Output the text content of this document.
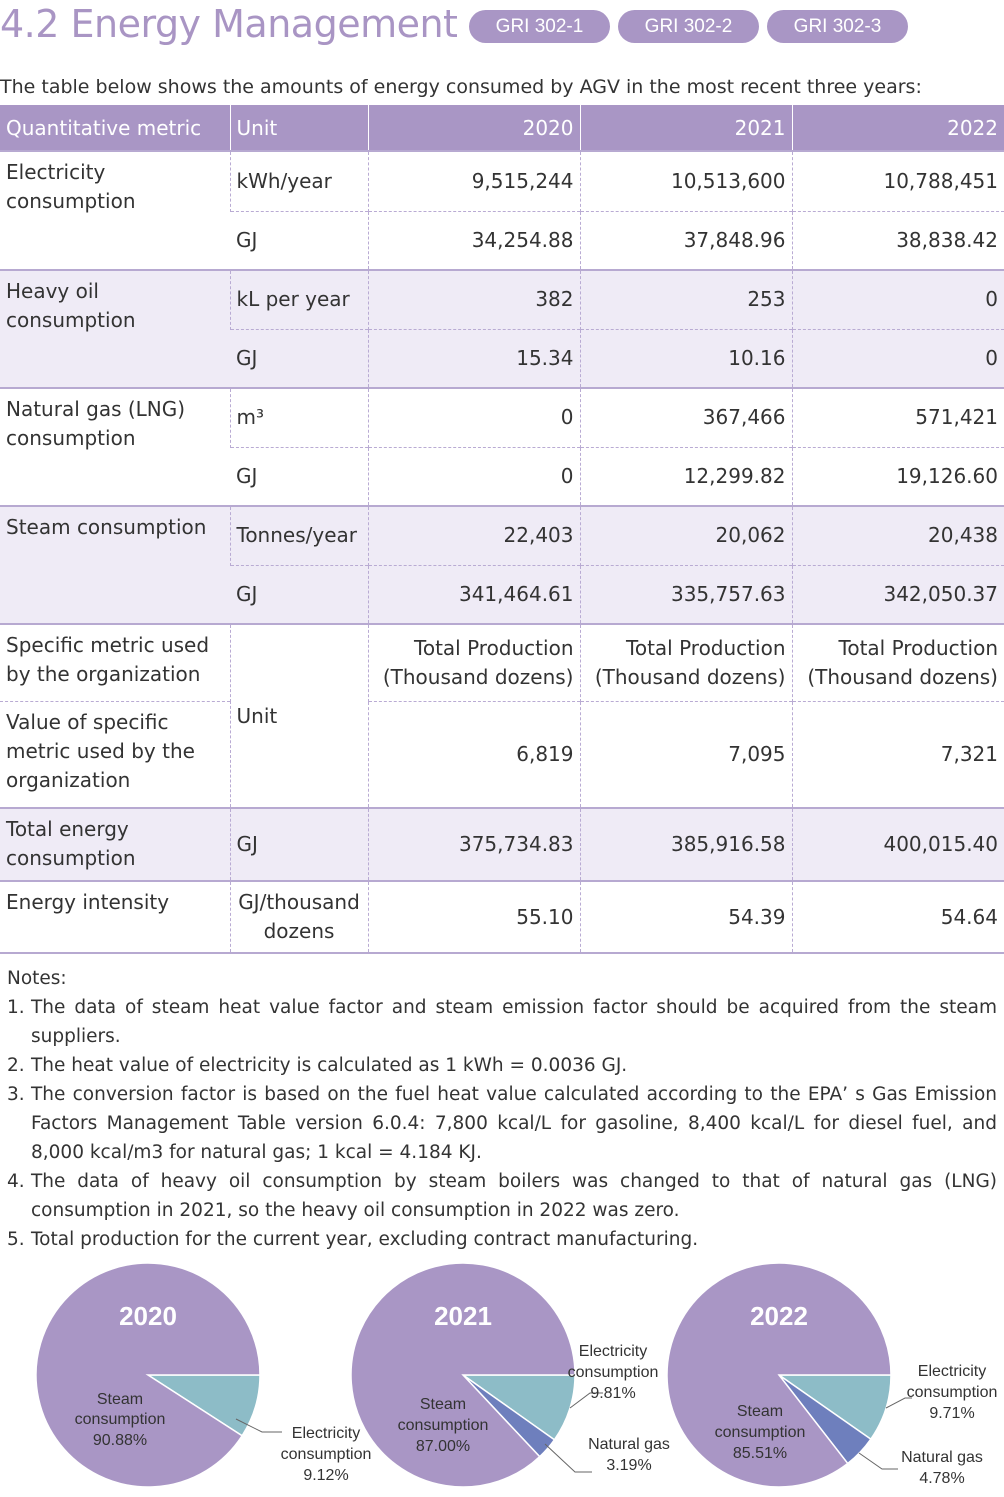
4.2 Energy Management	GRI 302-1	GRI 302-2	GRI 302-3
The table below shows the amounts of energy consumed by AGV in the most recent three years:
Quantitative metric	Unit	2020	2021	2022
Electricity consumption	kWh/year	9,515,244	10,513,600	10,788,451
	GJ	34,254.88	37,848.96	38,838.42
Heavy oil consumption	kL per year	382	253	0
	GJ	15.34	10.16	0
Natural gas (LNG) consumption	m³	0	367,466	571,421
	GJ	0	12,299.82	19,126.60
Steam consumption	Tonnes/year	22,403	20,062	20,438
	GJ	341,464.61	335,757.63	342,050.37
Specific metric used by the organization	Unit	Total Production (Thousand dozens)	Total Production (Thousand dozens)	Total Production (Thousand dozens)
Value of specific metric used by the organization		6,819	7,095	7,321
Total energy consumption	GJ	375,734.83	385,916.58	400,015.40
Energy intensity	GJ/thousand dozens	55.10	54.39	54.64
Notes:
1. The data of steam heat value factor and steam emission factor should be acquired from the steam suppliers.
2. The heat value of electricity is calculated as 1 kWh = 0.0036 GJ.
3. The conversion factor is based on the fuel heat value calculated according to the EPA’ s Gas Emission Factors Management Table version 6.0.4: 7,800 kcal/L for gasoline, 8,400 kcal/L for diesel fuel, and 8,000 kcal/m3 for natural gas; 1 kcal = 4.184 KJ.
4. The data of heavy oil consumption by steam boilers was changed to that of natural gas (LNG) consumption in 2021, so the heavy oil consumption in 2022 was zero.
5. Total production for the current year, excluding contract manufacturing.
2020
Steam
consumption
90.88%	Electricity
consumption
9.12%
2021
Steam
consumption
87.00%
Electricity
consumption
9.81%
Natural gas
3.19%
2022
Steam
consumption
85.51%
Electricity
consumption
9.71%
Natural gas
4.78%
